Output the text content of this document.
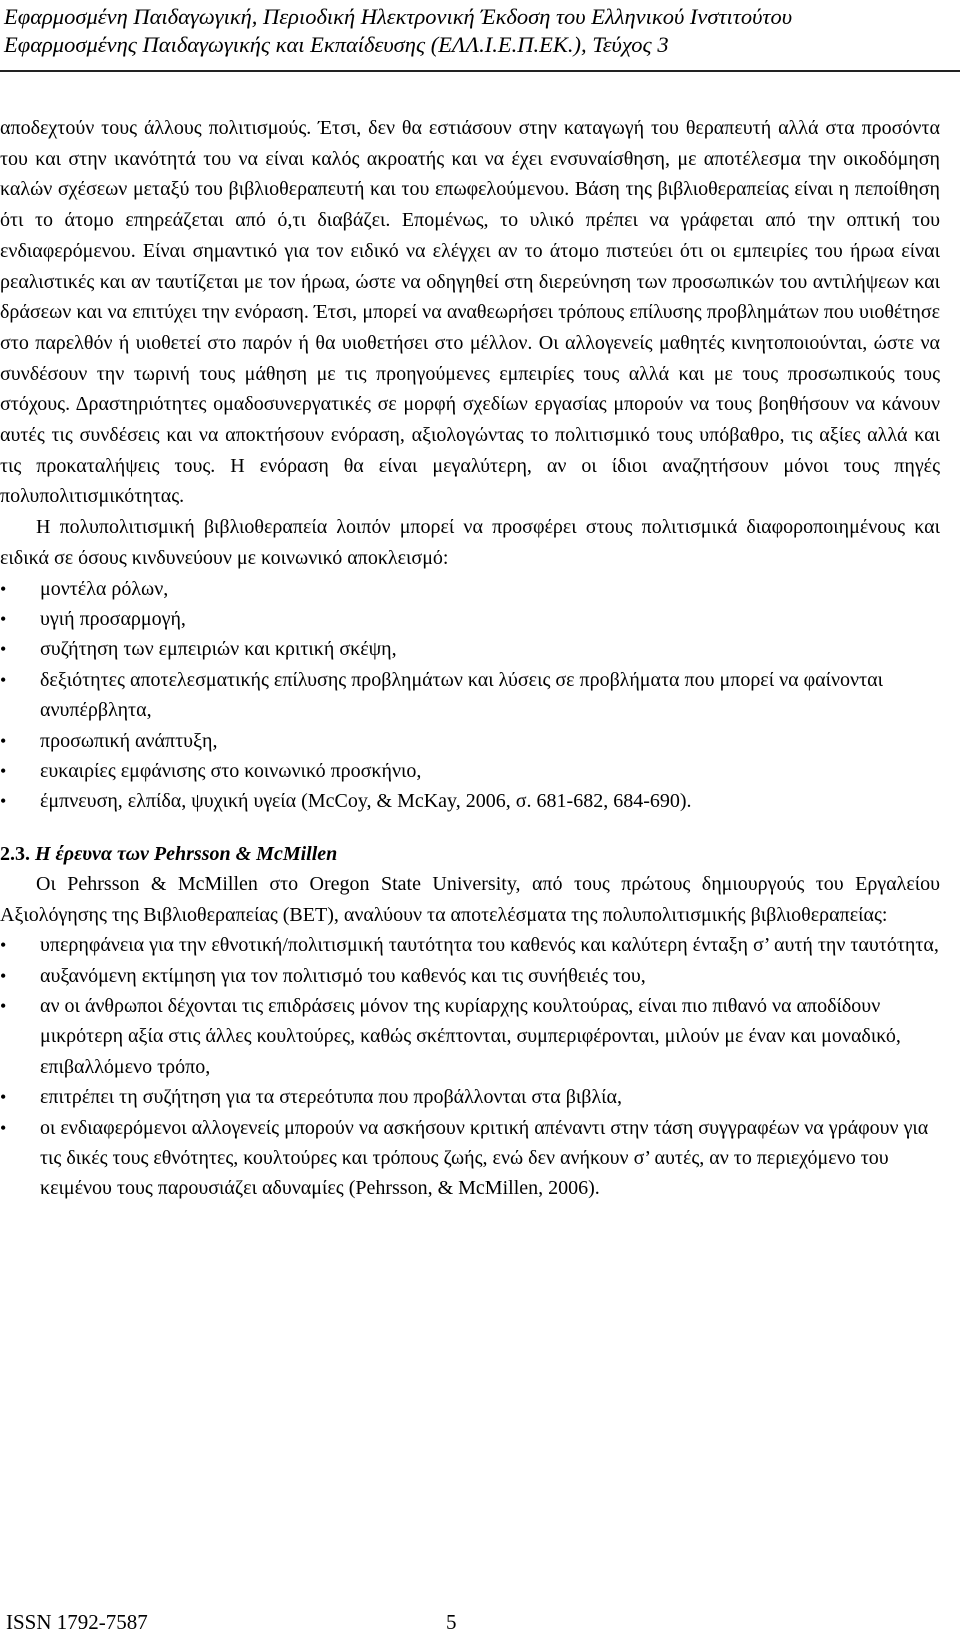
Εφαρμοσμένη Παιδαγωγική, Περιοδική Ηλεκτρονική Έκδοση του Ελληνικού Ινστιτούτου
Εφαρμοσμένης Παιδαγωγικής και Εκπαίδευσης (ΕΛΛ.Ι.Ε.Π.ΕΚ.), Τεύχος 3

αποδεχτούν τους άλλους πολιτισμούς. Έτσι, δεν θα εστιάσουν στην καταγωγή του θεραπευτή αλλά στα προσόντα του και στην ικανότητά του να είναι καλός ακροατής και να έχει ενσυναίσθηση, με αποτέλεσμα την οικοδόμηση καλών σχέσεων μεταξύ του βιβλιοθεραπευτή και του επωφελούμενου. Βάση της βιβλιοθεραπείας είναι η πεποίθηση ότι το άτομο επηρεάζεται από ό,τι διαβάζει. Επομένως, το υλικό πρέπει να γράφεται από την οπτική του ενδιαφερόμενου. Είναι σημαντικό για τον ειδικό να ελέγχει αν το άτομο πιστεύει ότι οι εμπειρίες του ήρωα είναι ρεαλιστικές και αν ταυτίζεται με τον ήρωα, ώστε να οδηγηθεί στη διερεύνηση των προσωπικών του αντιλήψεων και δράσεων και να επιτύχει την ενόραση. Έτσι, μπορεί να αναθεωρήσει τρόπους επίλυσης προβλημάτων που υιοθέτησε στο παρελθόν ή υιοθετεί στο παρόν ή θα υιοθετήσει στο μέλλον. Οι αλλογενείς μαθητές κινητοποιούνται, ώστε να συνδέσουν την τωρινή τους μάθηση με τις προηγούμενες εμπειρίες τους αλλά και με τους προσωπικούς τους στόχους. Δραστηριότητες ομαδοσυνεργατικές σε μορφή σχεδίων εργασίας μπορούν να τους βοηθήσουν να κάνουν αυτές τις συνδέσεις και να αποκτήσουν ενόραση, αξιολογώντας το πολιτισμικό τους υπόβαθρο, τις αξίες αλλά και τις προκαταλήψεις τους. Η ενόραση θα είναι μεγαλύτερη, αν οι ίδιοι αναζητήσουν μόνοι τους πηγές πολυπολιτισμικότητας.

Η πολυπολιτισμική βιβλιοθεραπεία λοιπόν μπορεί να προσφέρει στους πολιτισμικά διαφοροποιημένους και ειδικά σε όσους κινδυνεύουν με κοινωνικό αποκλεισμό:

• μοντέλα ρόλων,
• υγιή προσαρμογή,
• συζήτηση των εμπειριών και κριτική σκέψη,
• δεξιότητες αποτελεσματικής επίλυσης προβλημάτων και λύσεις σε προβλήματα που μπορεί να φαίνονται ανυπέρβλητα,
• προσωπική ανάπτυξη,
• ευκαιρίες εμφάνισης στο κοινωνικό προσκήνιο,
• έμπνευση, ελπίδα, ψυχική υγεία (McCoy, & McKay, 2006, σ. 681-682, 684-690).
2.3. Η έρευνα των Pehrsson & McMillen

Οι Pehrsson & McMillen στο Oregon State University, από τους πρώτους δημιουργούς του Εργαλείου Αξιολόγησης της Βιβλιοθεραπείας (BET), αναλύουν τα αποτελέσματα της πολυπολιτισμικής βιβλιοθεραπείας:

• υπερηφάνεια για την εθνοτική/πολιτισμική ταυτότητα του καθενός και καλύτερη ένταξη σ’ αυτή την ταυτότητα,
• αυξανόμενη εκτίμηση για τον πολιτισμό του καθενός και τις συνήθειές του,
• αν οι άνθρωποι δέχονται τις επιδράσεις μόνον της κυρίαρχης κουλτούρας, είναι πιο πιθανό να αποδίδουν μικρότερη αξία στις άλλες κουλτούρες, καθώς σκέπτονται, συμπεριφέρονται, μιλούν με έναν και μοναδικό, επιβαλλόμενο τρόπο,
• επιτρέπει τη συζήτηση για τα στερεότυπα που προβάλλονται στα βιβλία,
• οι ενδιαφερόμενοι αλλογενείς μπορούν να ασκήσουν κριτική απέναντι στην τάση συγγραφέων να γράφουν για τις δικές τους εθνότητες, κουλτούρες και τρόπους ζωής, ενώ δεν ανήκουν σ’ αυτές, αν το περιεχόμενο του κειμένου τους παρουσιάζει αδυναμίες (Pehrsson, & McMillen, 2006).
ISSN 1792-7587	5
